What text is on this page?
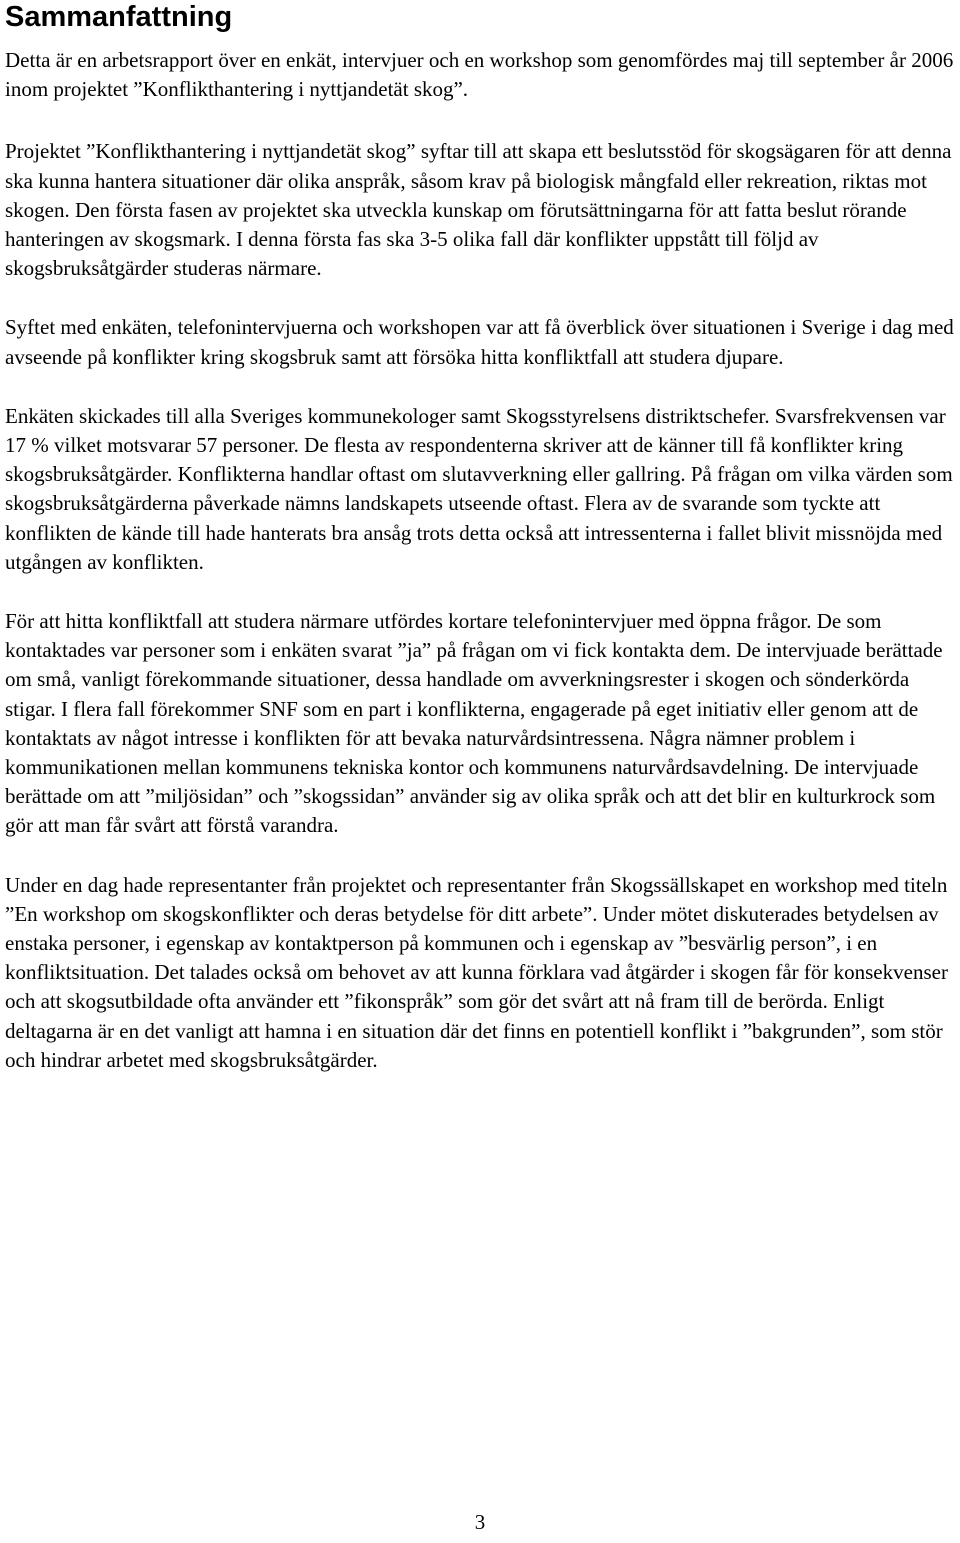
Sammanfattning

Detta är en arbetsrapport över en enkät, intervjuer och en workshop som genomfördes maj till september år 2006 inom projektet ”Konflikthantering i nyttjandetät skog”.

Projektet ”Konflikthantering i nyttjandetät skog” syftar till att skapa ett beslutsstöd för skogsägaren för att denna ska kunna hantera situationer där olika anspråk, såsom krav på biologisk mångfald eller rekreation, riktas mot skogen. Den första fasen av projektet ska utveckla kunskap om förutsättningarna för att fatta beslut rörande hanteringen av skogsmark. I denna första fas ska 3-5 olika fall där konflikter uppstått till följd av skogsbruksåtgärder studeras närmare.

Syftet med enkäten, telefonintervjuerna och workshopen var att få överblick över situationen i Sverige i dag med avseende på konflikter kring skogsbruk samt att försöka hitta konfliktfall att studera djupare.

Enkäten skickades till alla Sveriges kommunekologer samt Skogsstyrelsens distriktschefer. Svarsfrekvensen var 17 % vilket motsvarar 57 personer. De flesta av respondenterna skriver att de känner till få konflikter kring skogsbruksåtgärder. Konflikterna handlar oftast om slutavverkning eller gallring. På frågan om vilka värden som skogsbruksåtgärderna påverkade nämns landskapets utseende oftast. Flera av de svarande som tyckte att konflikten de kände till hade hanterats bra ansåg trots detta också att intressenterna i fallet blivit missnöjda med utgången av konflikten.

För att hitta konfliktfall att studera närmare utfördes kortare telefonintervjuer med öppna frågor. De som kontaktades var personer som i enkäten svarat ”ja” på frågan om vi fick kontakta dem. De intervjuade berättade om små, vanligt förekommande situationer, dessa handlade om avverkningsrester i skogen och sönderkörda stigar. I flera fall förekommer SNF som en part i konflikterna, engagerade på eget initiativ eller genom att de kontaktats av något intresse i konflikten för att bevaka naturvårdsintressena. Några nämner problem i kommunikationen mellan kommunens tekniska kontor och kommunens naturvårdsavdelning. De intervjuade berättade om att ”miljösidan” och ”skogssidan” använder sig av olika språk och att det blir en kulturkrock som gör att man får svårt att förstå varandra.

Under en dag hade representanter från projektet och representanter från Skogssällskapet en workshop med titeln ”En workshop om skogskonflikter och deras betydelse för ditt arbete”. Under mötet diskuterades betydelsen av enstaka personer, i egenskap av kontaktperson på kommunen och i egenskap av ”besvärlig person”, i en konfliktsituation. Det talades också om behovet av att kunna förklara vad åtgärder i skogen får för konsekvenser och att skogsutbildade ofta använder ett ”fikonspråk” som gör det svårt att nå fram till de berörda. Enligt deltagarna är en det vanligt att hamna i en situation där det finns en potentiell konflikt i ”bakgrunden”, som stör och hindrar arbetet med skogsbruksåtgärder.

3
